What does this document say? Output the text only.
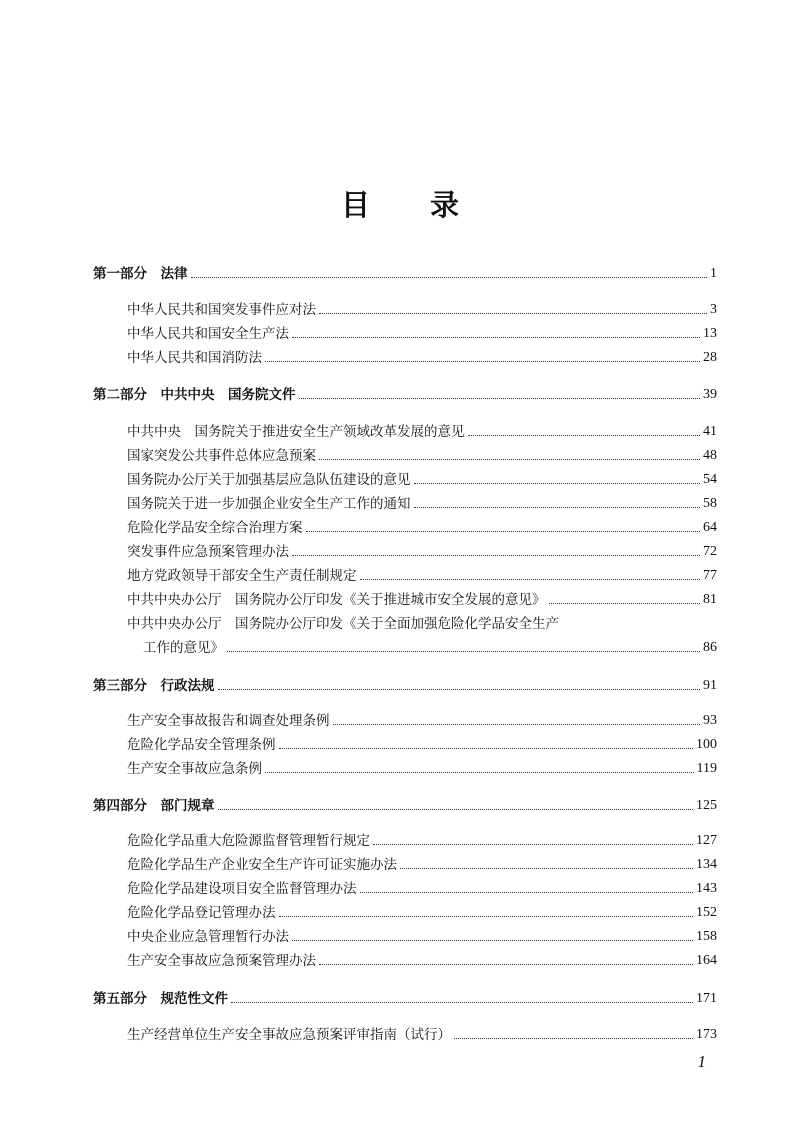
目录
第一部分　法律	1
中华人民共和国突发事件应对法	3
中华人民共和国安全生产法	13
中华人民共和国消防法	28
第二部分　中共中央　国务院文件	39
中共中央　国务院关于推进安全生产领域改革发展的意见	41
国家突发公共事件总体应急预案	48
国务院办公厅关于加强基层应急队伍建设的意见	54
国务院关于进一步加强企业安全生产工作的通知	58
危险化学品安全综合治理方案	64
突发事件应急预案管理办法	72
地方党政领导干部安全生产责任制规定	77
中共中央办公厅　国务院办公厅印发《关于推进城市安全发展的意见》	81
中共中央办公厅　国务院办公厅印发《关于全面加强危险化学品安全生产
工作的意见》	86
第三部分　行政法规	91
生产安全事故报告和调查处理条例	93
危险化学品安全管理条例	100
生产安全事故应急条例	119
第四部分　部门规章	125
危险化学品重大危险源监督管理暂行规定	127
危险化学品生产企业安全生产许可证实施办法	134
危险化学品建设项目安全监督管理办法	143
危险化学品登记管理办法	152
中央企业应急管理暂行办法	158
生产安全事故应急预案管理办法	164
第五部分　规范性文件	171
生产经营单位生产安全事故应急预案评审指南（试行）	173
1
